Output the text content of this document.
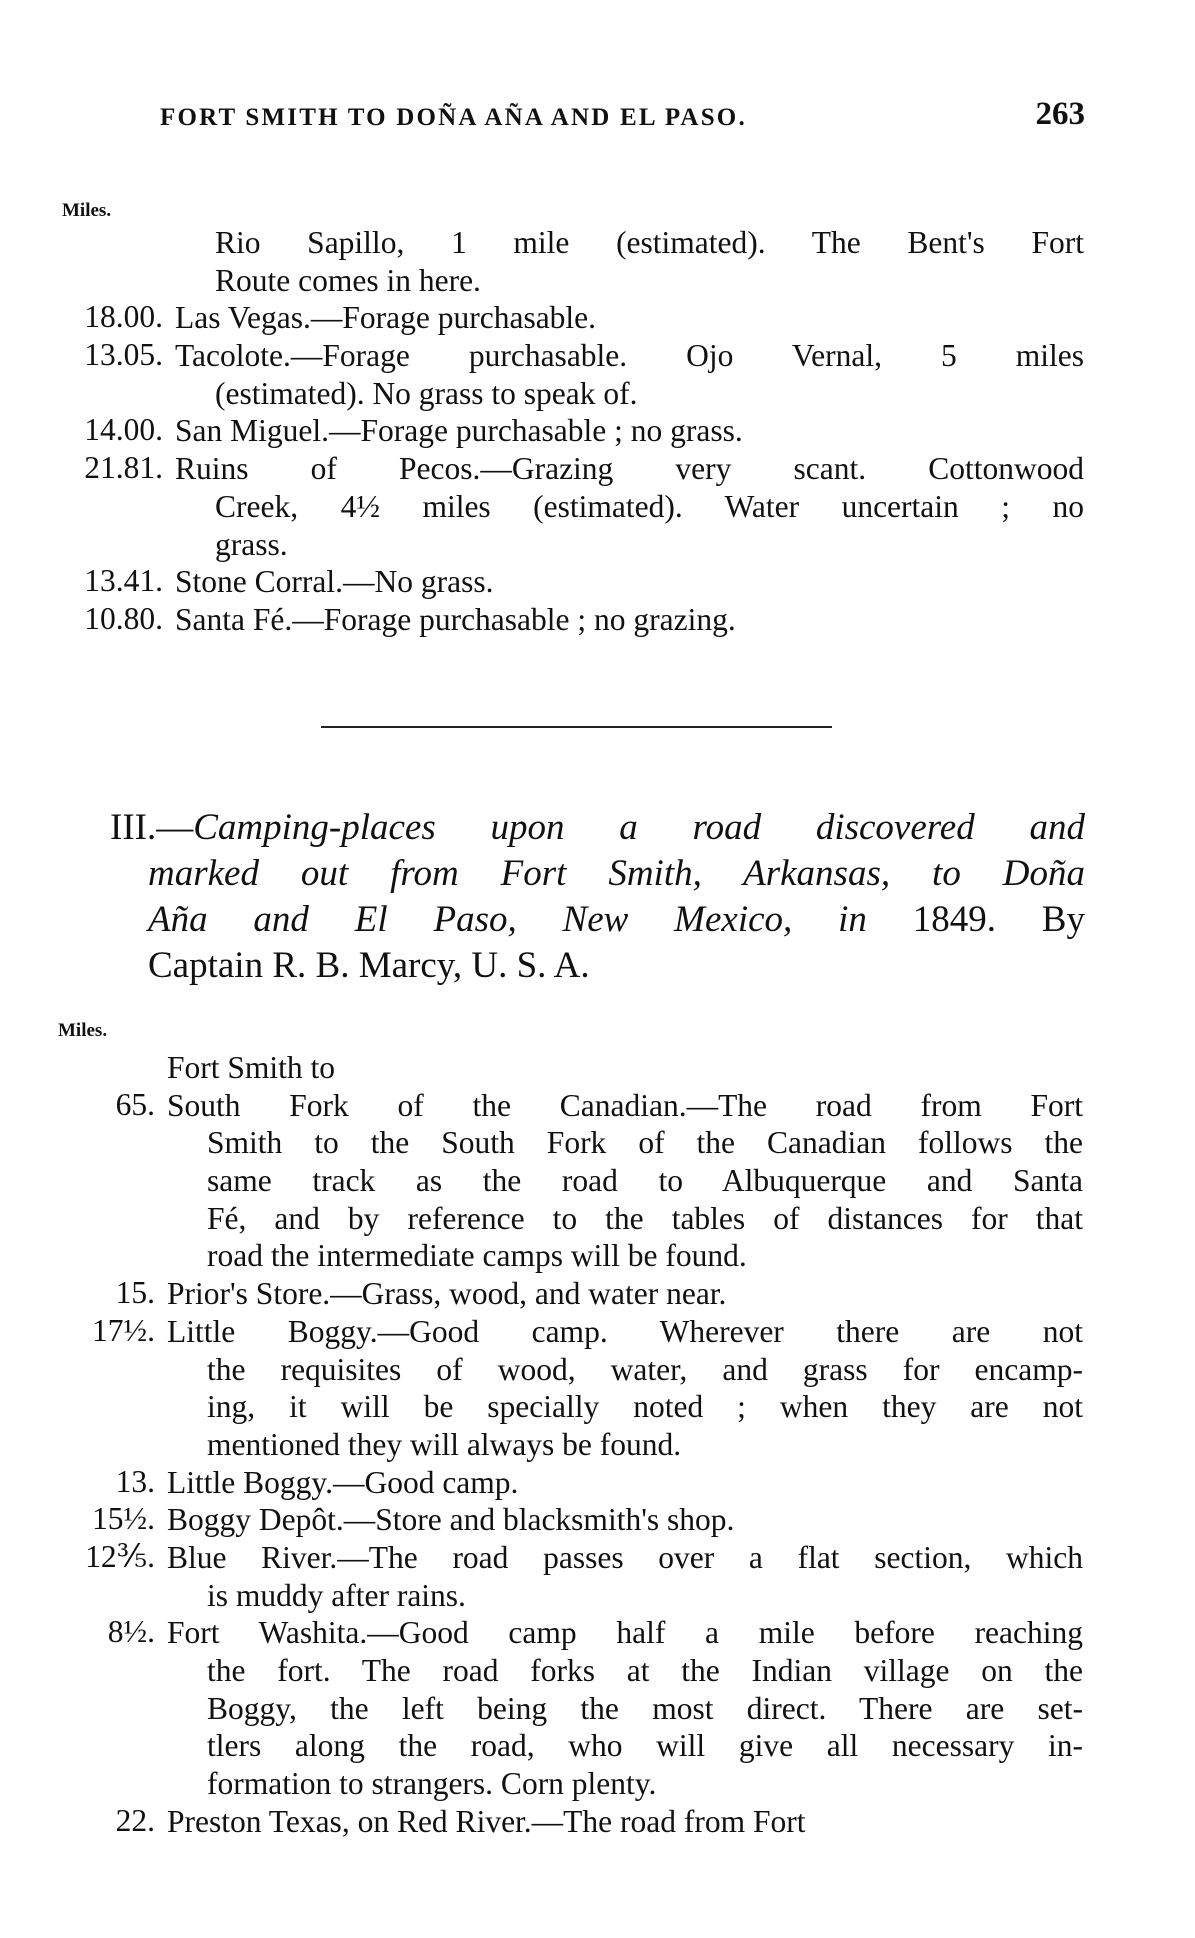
FORT SMITH TO DOÑA AÑA AND EL PASO.	263
Miles.
Rio Sapillo, 1 mile (estimated). The Bent's Fort
Route comes in here.
18.00. Las Vegas.—Forage purchasable.
13.05. Tacolote.—Forage purchasable. Ojo Vernal, 5 miles
(estimated). No grass to speak of.
14.00. San Miguel.—Forage purchasable ; no grass.
21.81. Ruins of Pecos.—Grazing very scant. Cottonwood
Creek, 4½ miles (estimated). Water uncertain ; no
grass.
13.41. Stone Corral.—No grass.
10.80. Santa Fé.—Forage purchasable ; no grazing.
III.—Camping-places upon a road discovered and
marked out from Fort Smith, Arkansas, to Doña
Aña and El Paso, New Mexico, in 1849. By
Captain R. B. Marcy, U. S. A.
Miles.
Fort Smith to
65. South Fork of the Canadian.—The road from Fort
Smith to the South Fork of the Canadian follows the
same track as the road to Albuquerque and Santa
Fé, and by reference to the tables of distances for that
road the intermediate camps will be found.
15. Prior's Store.—Grass, wood, and water near.
17½. Little Boggy.—Good camp. Wherever there are not
the requisites of wood, water, and grass for encamp-
ing, it will be specially noted ; when they are not
mentioned they will always be found.
13. Little Boggy.—Good camp.
15½. Boggy Depôt.—Store and blacksmith's shop.
12⅗. Blue River.—The road passes over a flat section, which
is muddy after rains.
8½. Fort Washita.—Good camp half a mile before reaching
the fort. The road forks at the Indian village on the
Boggy, the left being the most direct. There are set-
tlers along the road, who will give all necessary in-
formation to strangers. Corn plenty.
22. Preston Texas, on Red River.—The road from Fort
